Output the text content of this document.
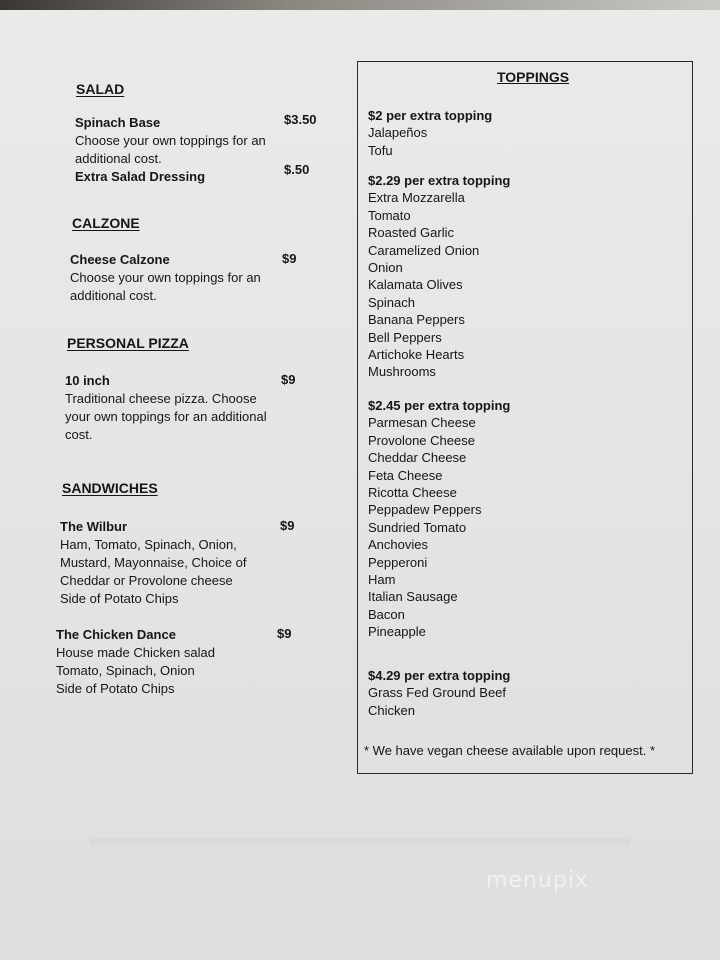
SALAD
Spinach Base
Choose your own toppings for an additional cost.
Extra Salad Dressing
$3.50
$.50
CALZONE
Cheese Calzone
Choose your own toppings for an additional cost.
$9
PERSONAL PIZZA
10 inch
Traditional cheese pizza. Choose your own toppings for an additional cost.
$9
SANDWICHES
The Wilbur
Ham, Tomato, Spinach, Onion, Mustard, Mayonnaise, Choice of Cheddar or Provolone cheese
Side of Potato Chips
$9
The Chicken Dance
House made Chicken salad
Tomato, Spinach, Onion
Side of Potato Chips
$9
TOPPINGS
$2 per extra topping
Jalapeños
Tofu
$2.29 per extra topping
Extra Mozzarella
Tomato
Roasted Garlic
Caramelized Onion
Onion
Kalamata Olives
Spinach
Banana Peppers
Bell Peppers
Artichoke Hearts
Mushrooms
$2.45 per extra topping
Parmesan Cheese
Provolone Cheese
Cheddar Cheese
Feta Cheese
Ricotta Cheese
Peppadew Peppers
Sundried Tomato
Anchovies
Pepperoni
Ham
Italian Sausage
Bacon
Pineapple
$4.29 per extra topping
Grass Fed Ground Beef
Chicken
* We have vegan cheese available upon request. *
menupix
